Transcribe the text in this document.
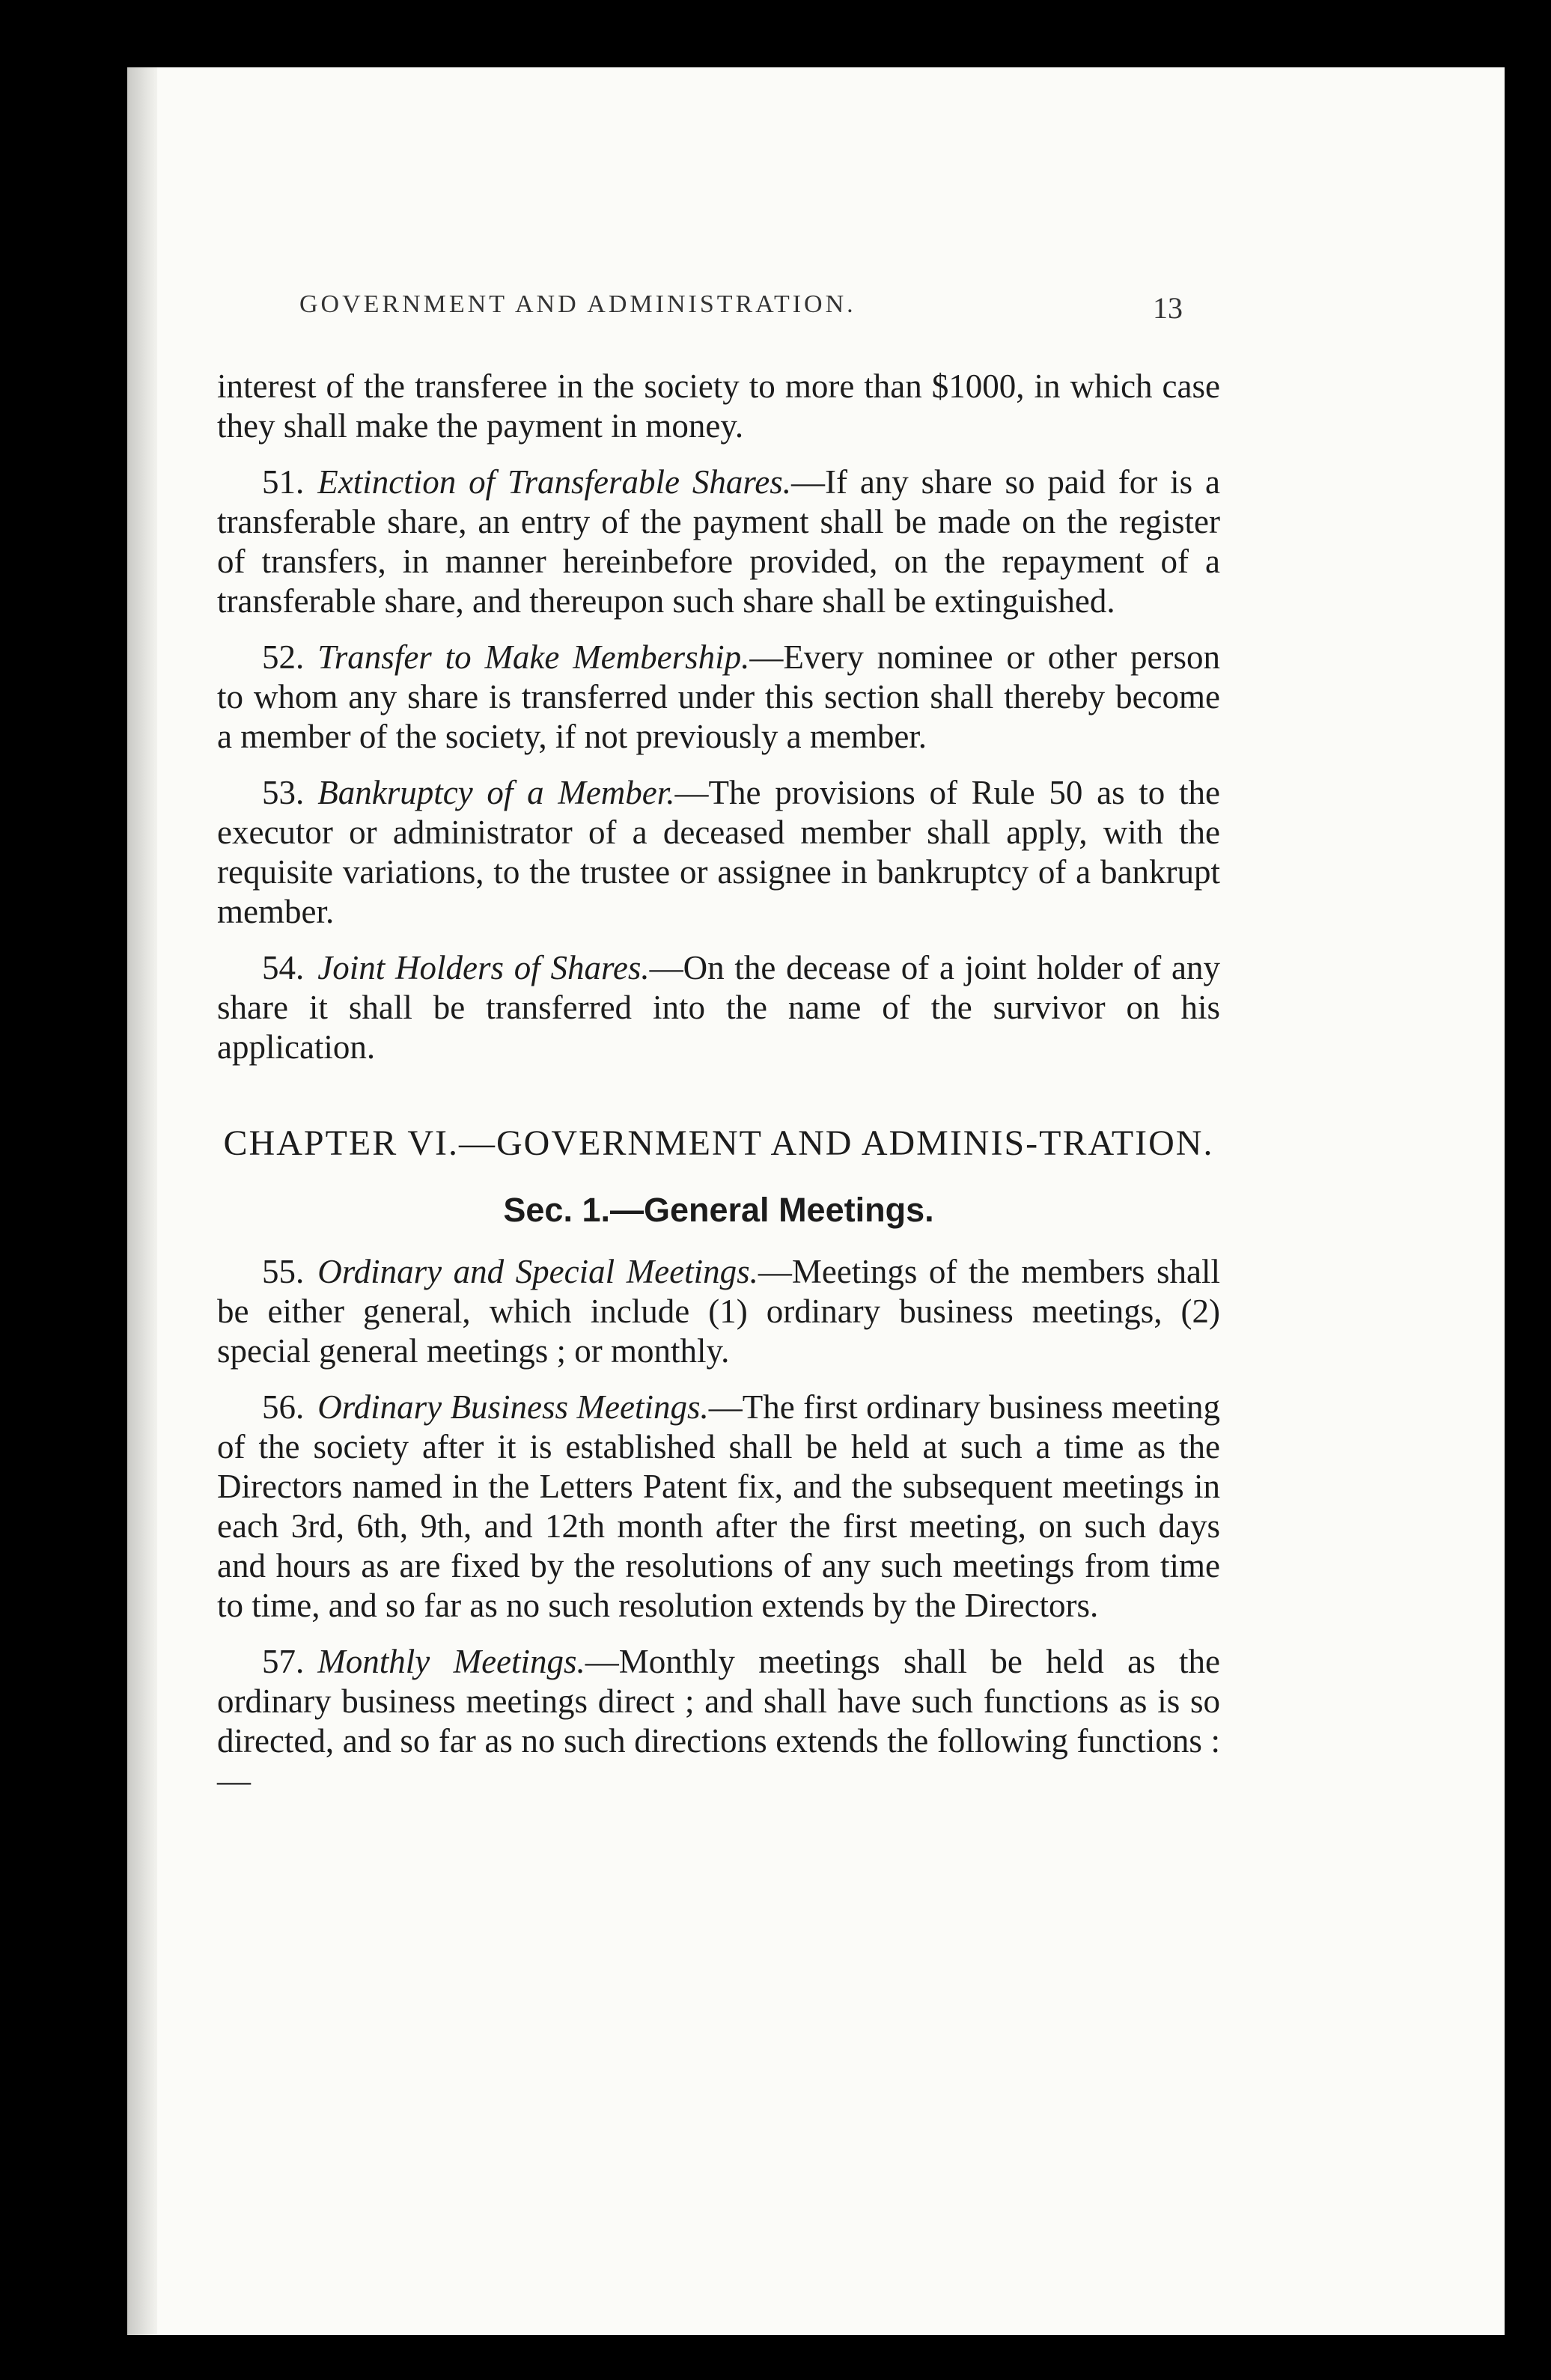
GOVERNMENT AND ADMINISTRATION.	13

interest of the transferee in the society to more than $1000, in which case they shall make the payment in money.

51. Extinction of Transferable Shares.—If any share so paid for is a transferable share, an entry of the payment shall be made on the register of transfers, in manner hereinbefore provided, on the repayment of a transferable share, and thereupon such share shall be extinguished.

52. Transfer to Make Membership.—Every nominee or other person to whom any share is transferred under this section shall thereby become a member of the society, if not previously a member.

53. Bankruptcy of a Member.—The provisions of Rule 50 as to the executor or administrator of a deceased member shall apply, with the requisite variations, to the trustee or assignee in bankruptcy of a bankrupt member.

54. Joint Holders of Shares.—On the decease of a joint holder of any share it shall be transferred into the name of the survivor on his application.

CHAPTER VI.—GOVERNMENT AND ADMINIS-TRATION.
Sec. 1.—General Meetings.

55. Ordinary and Special Meetings.—Meetings of the members shall be either general, which include (1) ordinary business meetings, (2) special general meetings ; or monthly.

56. Ordinary Business Meetings.—The first ordinary business meeting of the society after it is established shall be held at such a time as the Directors named in the Letters Patent fix, and the subsequent meetings in each 3rd, 6th, 9th, and 12th month after the first meeting, on such days and hours as are fixed by the resolutions of any such meetings from time to time, and so far as no such resolution extends by the Directors.

57. Monthly Meetings.—Monthly meetings shall be held as the ordinary business meetings direct ; and shall have such functions as is so directed, and so far as no such directions extends the following functions :—
